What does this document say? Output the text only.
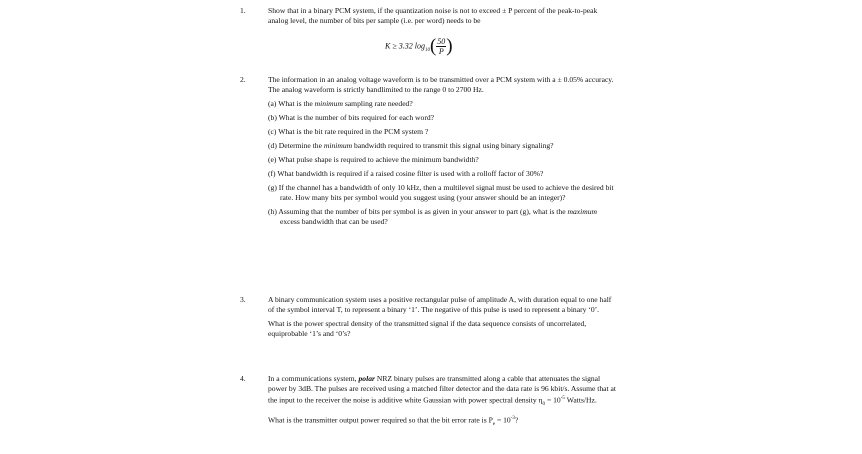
1.	Show that in a binary PCM system, if the quantization noise is not to exceed ± P percent of the peak-to-peak analog level, the number of bits per sample (i.e. per word) needs to be

K ≥ 3.32 $\log_{10}( \frac{50}{P}$ )
2.	The information in an analog voltage waveform is to be transmitted over a PCM system with a ± 0.05% accuracy. The analog waveform is strictly bandlimited to the range 0 to 2700 Hz.

(a) What is the minimum sampling rate needed?

(b) What is the number of bits required for each word?

(c) What is the bit rate required in the PCM system ?

(d) Determine the minimum bandwidth required to transmit this signal using binary signaling?

(e) What pulse shape is required to achieve the minimum bandwidth?

(f) What bandwidth is required if a raised cosine filter is used with a rolloff factor of 30%?

(g) If the channel has a bandwidth of only 10 kHz, then a multilevel signal must be used to achieve the desired bit rate. How many bits per symbol would you suggest using (your answer should be an integer)?

(h) Assuming that the number of bits per symbol is as given in your answer to part (g), what is the maximum excess bandwidth that can be used?

3.	A binary communication system uses a positive rectangular pulse of amplitude A, with duration equal to one half of the symbol interval T, to represent a binary ‘1’. The negative of this pulse is used to represent a binary ‘0’.

What is the power spectral density of the transmitted signal if the data sequence consists of uncorrelated, equiprobable ‘1’s and ‘0’s?

4.	In a communications system, polar NRZ binary pulses are transmitted along a cable that attenuates the signal power by 3dB. The pulses are received using a matched filter detector and the data rate is 96 kbit/s. Assume that at the input to the receiver the noise is additive white Gaussian with power spectral density $\eta_0 = 10^{-5}$ Watts/Hz.

What is the transmitter output power required so that the bit error rate is $P_e = 10^{-3}$?
